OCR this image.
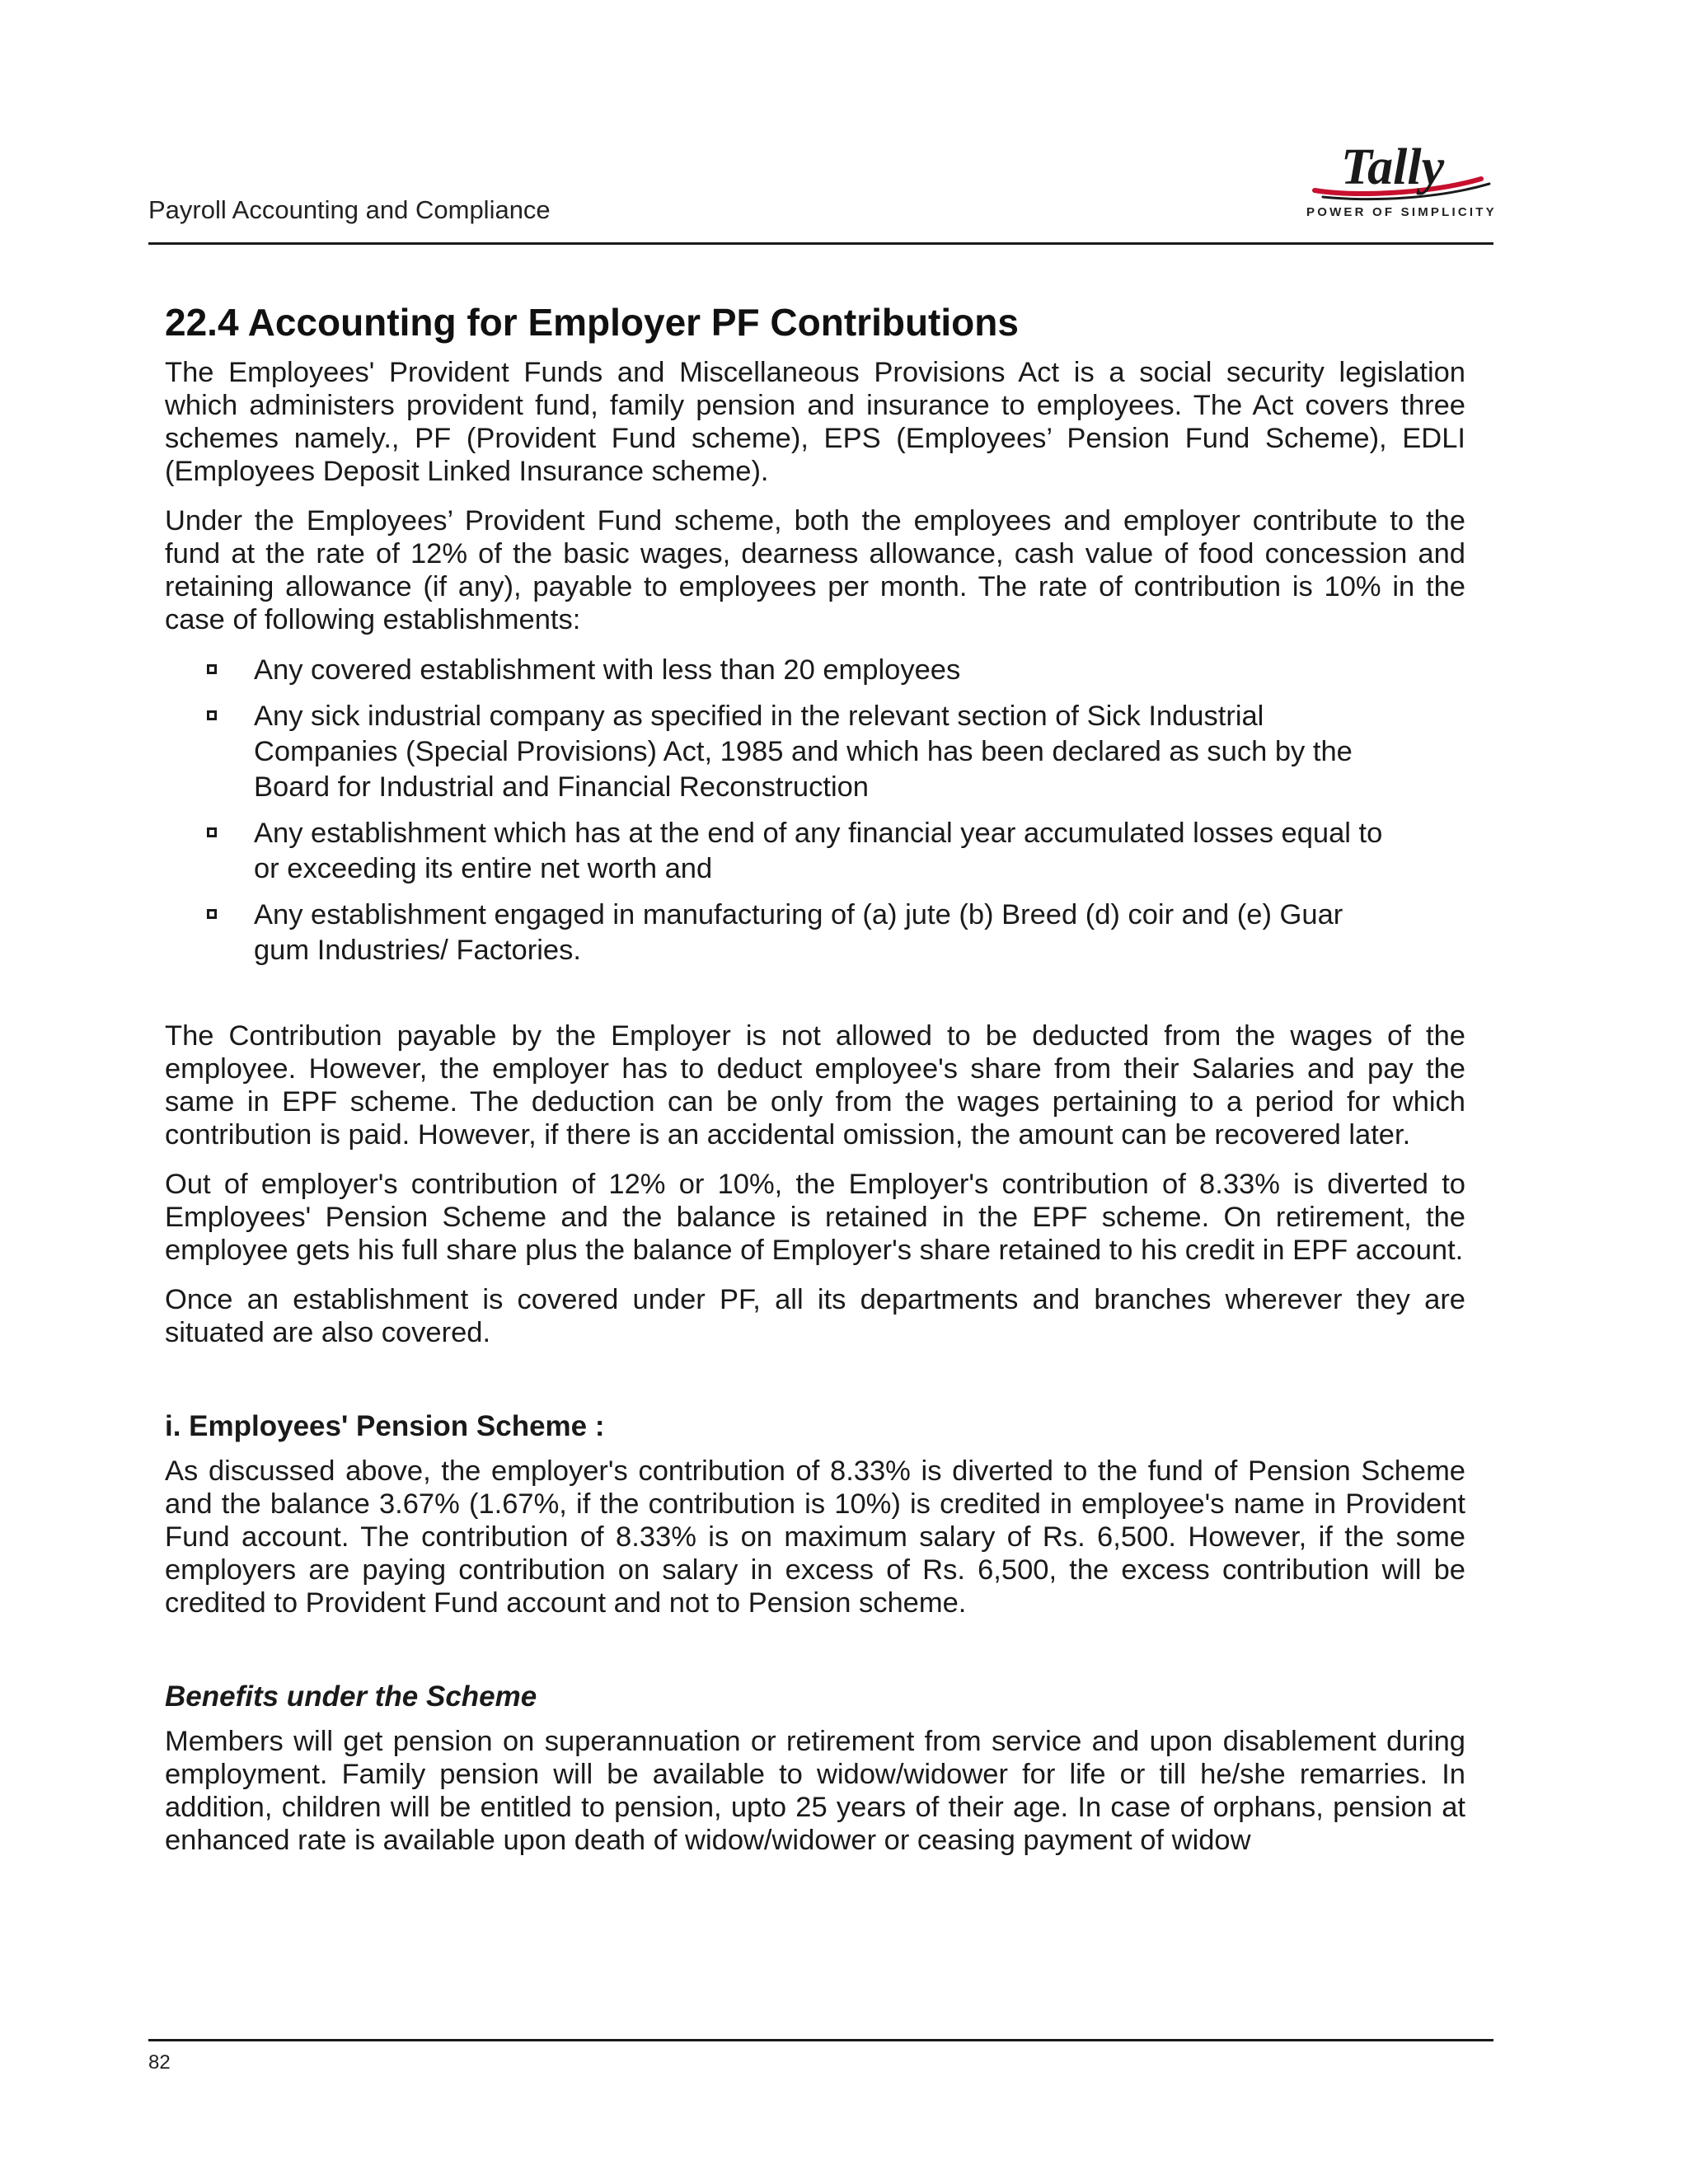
Payroll Accounting and Compliance
Tally
POWER OF SIMPLICITY
22.4 Accounting for Employer PF Contributions

The Employees' Provident Funds and Miscellaneous Provisions Act is a social security legislation which administers provident fund, family pension and insurance to employees. The Act covers three schemes namely., PF (Provident Fund scheme), EPS (Employees’ Pension Fund Scheme), EDLI (Employees Deposit Linked Insurance scheme).

Under the Employees’ Provident Fund scheme, both the employees and employer contribute to the fund at the rate of 12% of the basic wages, dearness allowance, cash value of food concession and retaining allowance (if any), payable to employees per month. The rate of contribution is 10% in the case of following establishments:

Any covered establishment with less than 20 employees
Any sick industrial company as specified in the relevant section of Sick Industrial Companies (Special Provisions) Act, 1985 and which has been declared as such by the Board for Industrial and Financial Reconstruction
Any establishment which has at the end of any financial year accumulated losses equal to or exceeding its entire net worth and
Any establishment engaged in manufacturing of (a) jute (b) Breed (d) coir and (e) Guar gum Industries/ Factories.

The Contribution payable by the Employer is not allowed to be deducted from the wages of the employee. However, the employer has to deduct employee's share from their Salaries and pay the same in EPF scheme. The deduction can be only from the wages pertaining to a period for which contribution is paid. However, if there is an accidental omission, the amount can be recovered later.

Out of employer's contribution of 12% or 10%, the Employer's contribution of 8.33% is diverted to Employees' Pension Scheme and the balance is retained in the EPF scheme. On retirement, the employee gets his full share plus the balance of Employer's share retained to his credit in EPF account.

Once an establishment is covered under PF, all its departments and branches wherever they are situated are also covered.

i. Employees' Pension Scheme :

As discussed above, the employer's contribution of 8.33% is diverted to the fund of Pension Scheme and the balance 3.67% (1.67%, if the contribution is 10%) is credited in employee's name in Provident Fund account. The contribution of 8.33% is on maximum salary of Rs. 6,500. However, if the some employers are paying contribution on salary in excess of Rs. 6,500, the excess contribution will be credited to Provident Fund account and not to Pension scheme.

Benefits under the Scheme

Members will get pension on superannuation or retirement from service and upon disablement during employment. Family pension will be available to widow/widower for life or till he/she remarries. In addition, children will be entitled to pension, upto 25 years of their age. In case of orphans, pension at enhanced rate is available upon death of widow/widower or ceasing payment of widow

82
